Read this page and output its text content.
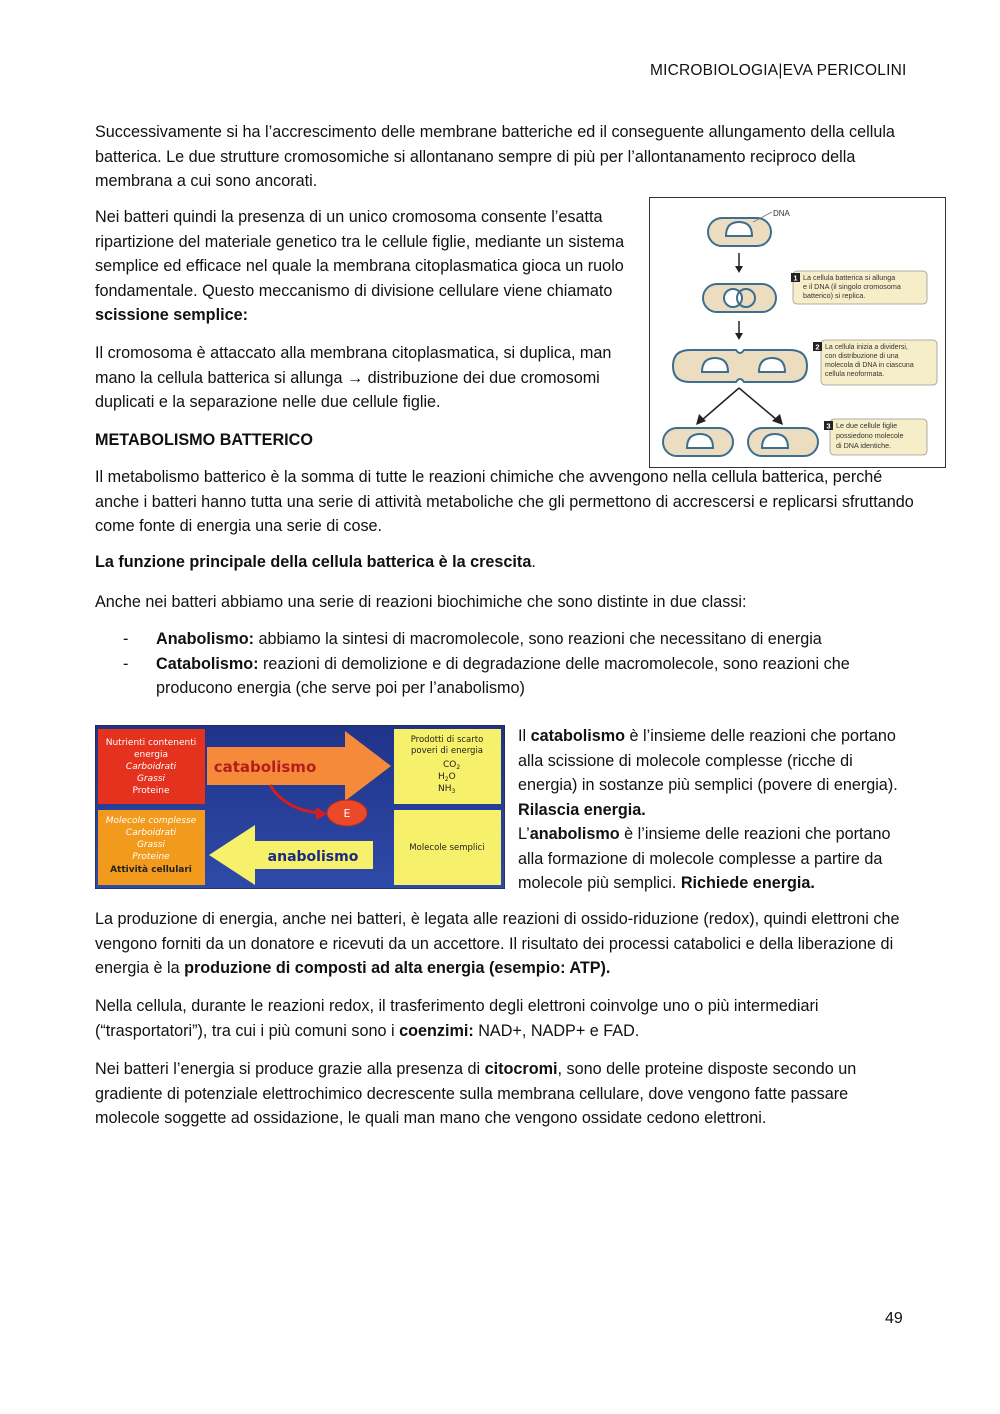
MICROBIOLOGIA|EVA PERICOLINI

Successivamente si ha l’accrescimento delle membrane batteriche ed il conseguente allungamento della cellula batterica. Le due strutture cromosomiche si allontanano sempre di più per l’allontanamento reciproco della membrana a cui sono ancorati.

Nei batteri quindi la presenza di un unico cromosoma consente l’esatta ripartizione del materiale genetico tra le cellule figlie, mediante un sistema semplice ed efficace nel quale la membrana citoplasmatica gioca un ruolo fondamentale. Questo meccanismo di divisione cellulare viene chiamato scissione semplice:

Il cromosoma è attaccato alla membrana citoplasmatica, si duplica, man mano la cellula batterica si allunga → distribuzione dei due cromosomi duplicati e la separazione nelle due cellule figlie.

METABOLISMO BATTERICO

Il metabolismo batterico è la somma di tutte le reazioni chimiche che avvengono nella cellula batterica, perché anche i batteri hanno tutta una serie di attività metaboliche che gli permettono di accrescersi e replicarsi sfruttando come fonte di energia una serie di cose.

La funzione principale della cellula batterica è la crescita.

Anche nei batteri abbiamo una serie di reazioni biochimiche che sono distinte in due classi:

- Anabolismo: abbiamo la sintesi di macromolecole, sono reazioni che necessitano di energia
- Catabolismo: reazioni di demolizione e di degradazione delle macromolecole, sono reazioni che producono energia (che serve poi per l’anabolismo)
Il catabolismo è l’insieme delle reazioni che portano alla scissione di molecole complesse (ricche di energia) in sostanze più semplici (povere di energia). Rilascia energia.
L’anabolismo è l’insieme delle reazioni che portano alla formazione di molecole complesse a partire da molecole più semplici. Richiede energia.

La produzione di energia, anche nei batteri, è legata alle reazioni di ossido-riduzione (redox), quindi elettroni che vengono forniti da un donatore e ricevuti da un accettore. Il risultato dei processi catabolici e della liberazione di energia è la produzione di composti ad alta energia (esempio: ATP).

Nella cellula, durante le reazioni redox, il trasferimento degli elettroni coinvolge uno o più intermediari (“trasportatori”), tra cui i più comuni sono i coenzimi: NAD+, NADP+ e FAD.

Nei batteri l’energia si produce grazie alla presenza di citocromi, sono delle proteine disposte secondo un gradiente di potenziale elettrochimico decrescente sulla membrana cellulare, dove vengono fatte passare molecole soggette ad ossidazione, le quali man mano che vengono ossidate cedono elettroni.

DNA
1 La cellula batterica si allunga
e il DNA (il singolo cromosoma
batterico) si replica.
2 La cellula inizia a dividersi,
con distribuzione di una
molecola di DNA in ciascuna
cellula neoformata.
3 Le due cellule figlie
possiedono molecole
di DNA identiche.
Nutrienti contenenti
energia
Carboidrati
Grassi
Proteine
catabolismo
E
Prodotti di scarto
poveri di energia
$CO_2$
$H_2O$
$NH_3$
Molecole complesse
Carboidrati
Grassi
Proteine
Attività cellulari
anabolismo
Molecole semplici
49
